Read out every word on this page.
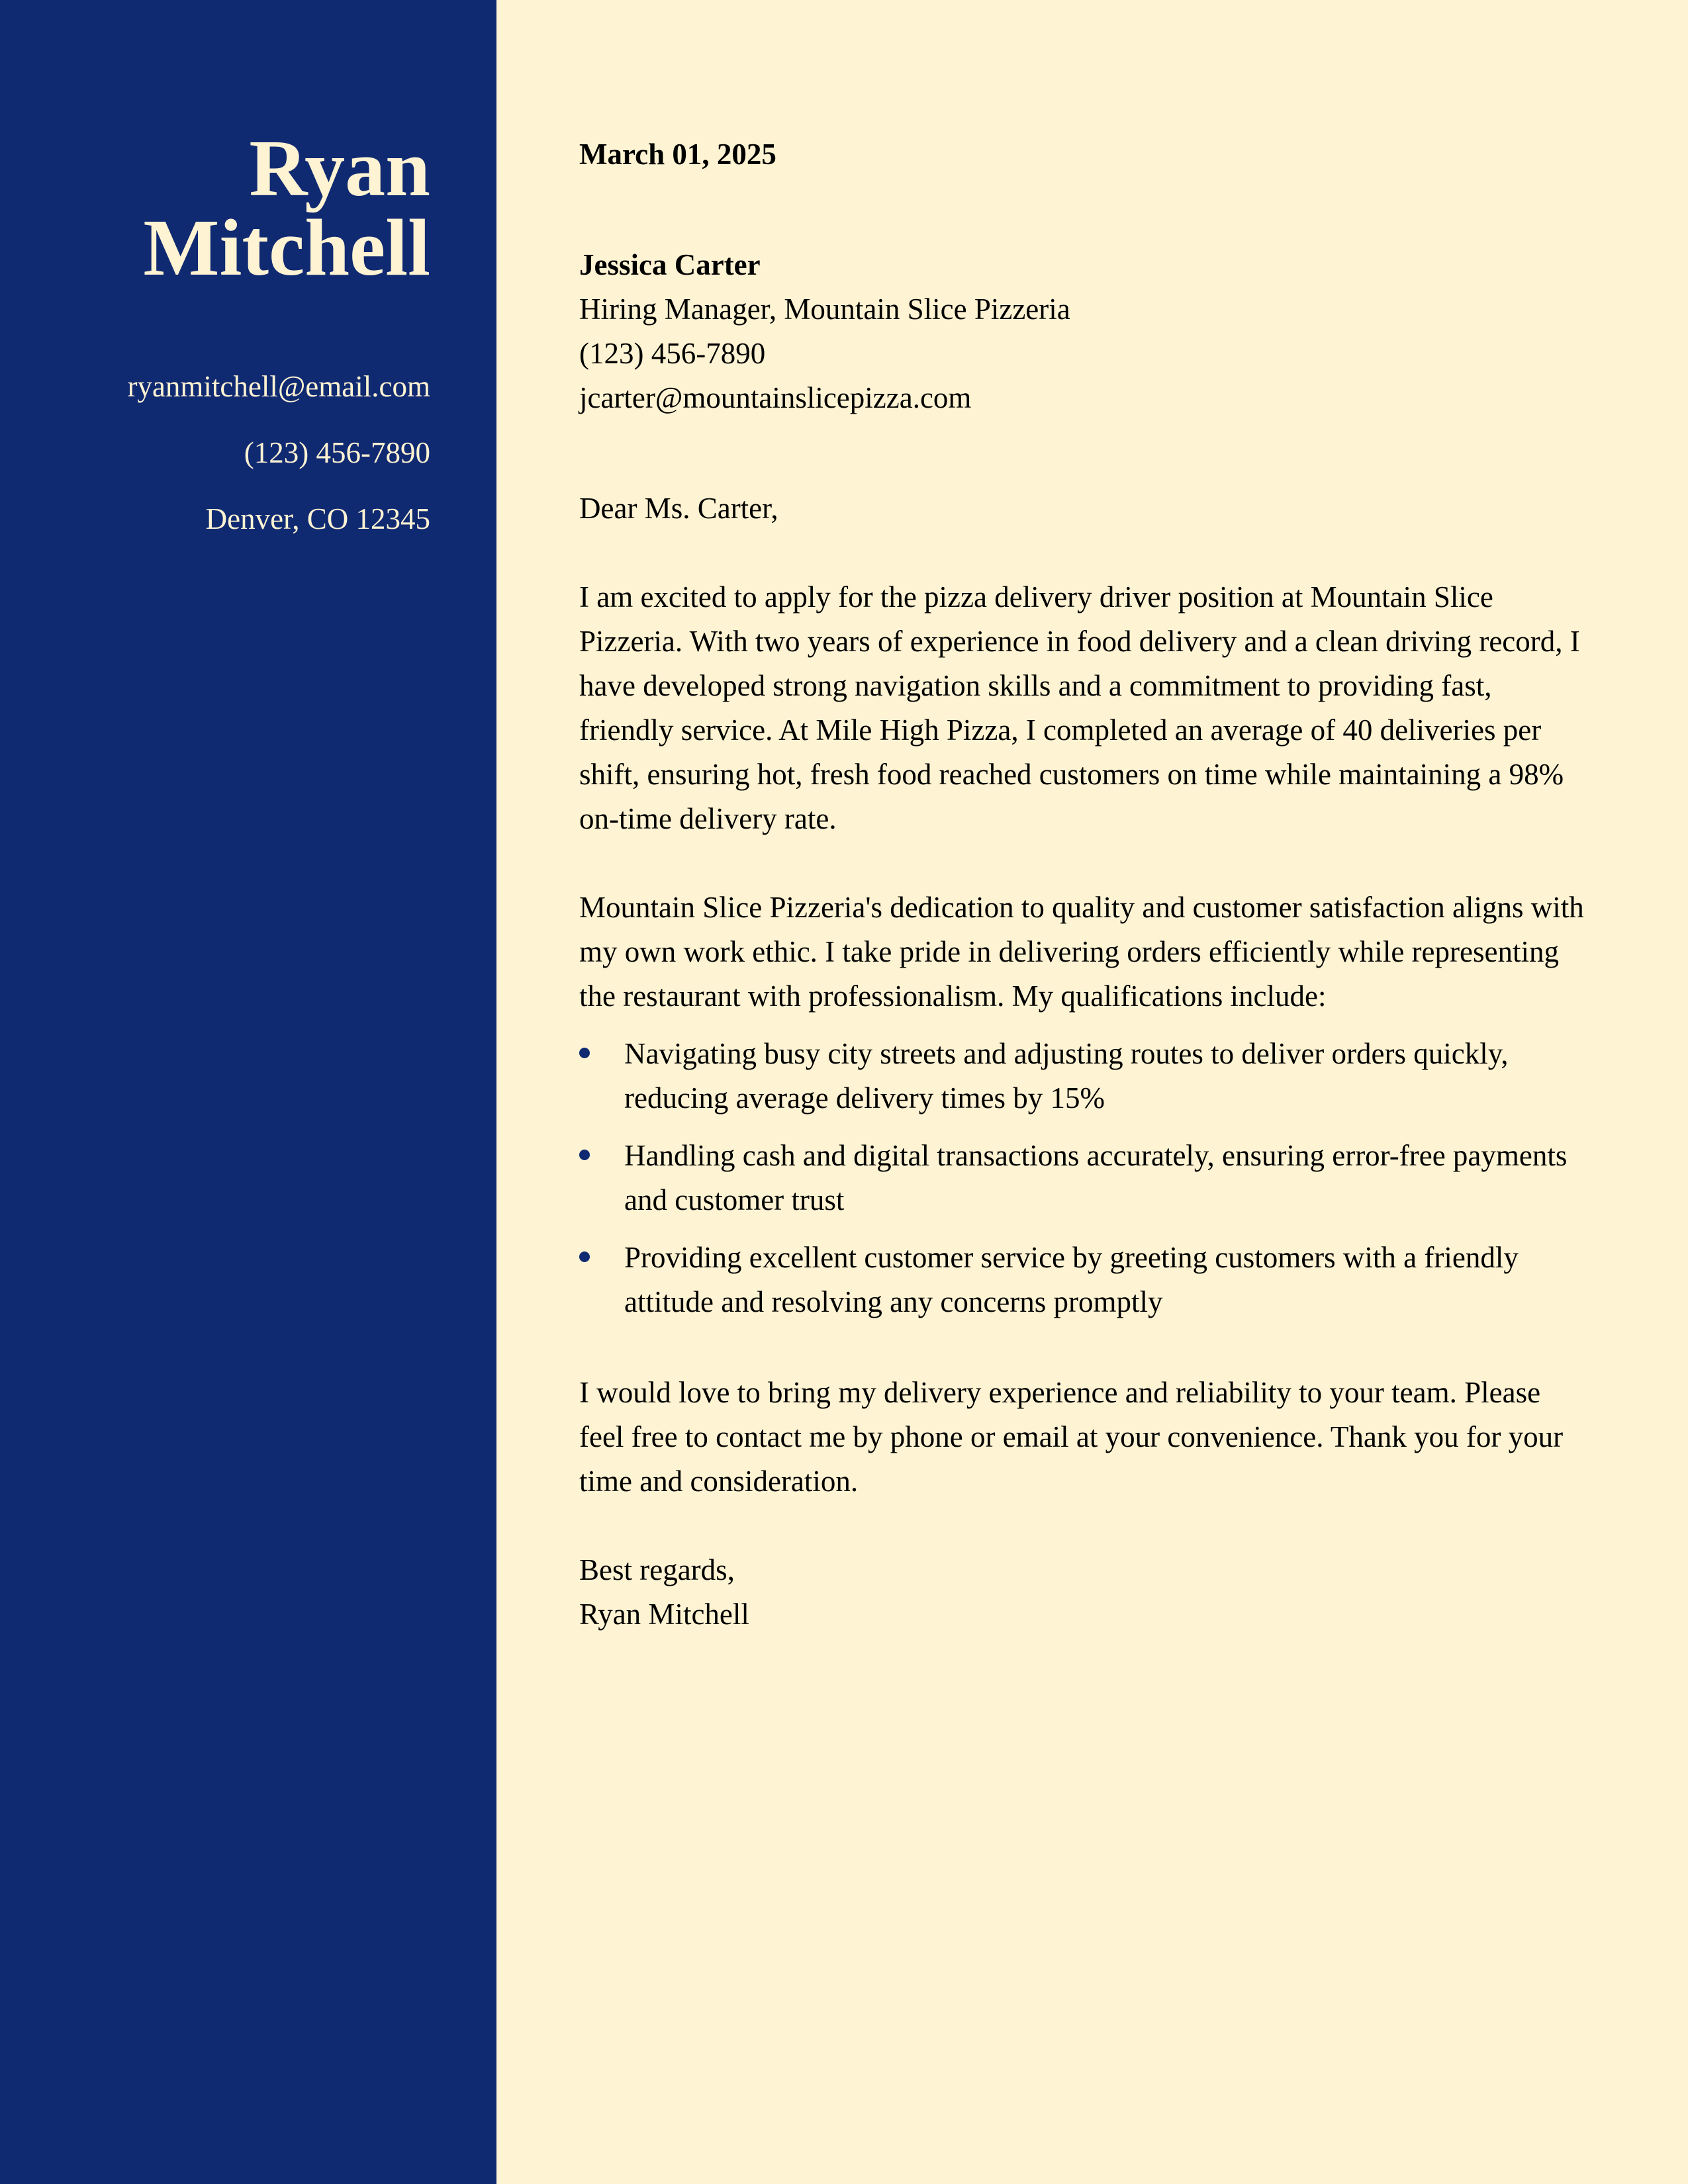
Ryan
Mitchell
ryanmitchell@email.com
(123) 456-7890
Denver, CO 12345
March 01, 2025
Jessica Carter
Hiring Manager, Mountain Slice Pizzeria
(123) 456-7890
jcarter@mountainslicepizza.com
Dear Ms. Carter,

I am excited to apply for the pizza delivery driver position at Mountain Slice Pizzeria. With two years of experience in food delivery and a clean driving record, I have developed strong navigation skills and a commitment to providing fast, friendly service. At Mile High Pizza, I completed an average of 40 deliveries per shift, ensuring hot, fresh food reached customers on time while maintaining a 98% on-time delivery rate.

Mountain Slice Pizzeria's dedication to quality and customer satisfaction aligns with my own work ethic. I take pride in delivering orders efficiently while representing the restaurant with professionalism. My qualifications include:

Navigating busy city streets and adjusting routes to deliver orders quickly, reducing average delivery times by 15%
Handling cash and digital transactions accurately, ensuring error-free payments and customer trust
Providing excellent customer service by greeting customers with a friendly attitude and resolving any concerns promptly

I would love to bring my delivery experience and reliability to your team. Please feel free to contact me by phone or email at your convenience. Thank you for your time and consideration.

Best regards,
Ryan Mitchell
